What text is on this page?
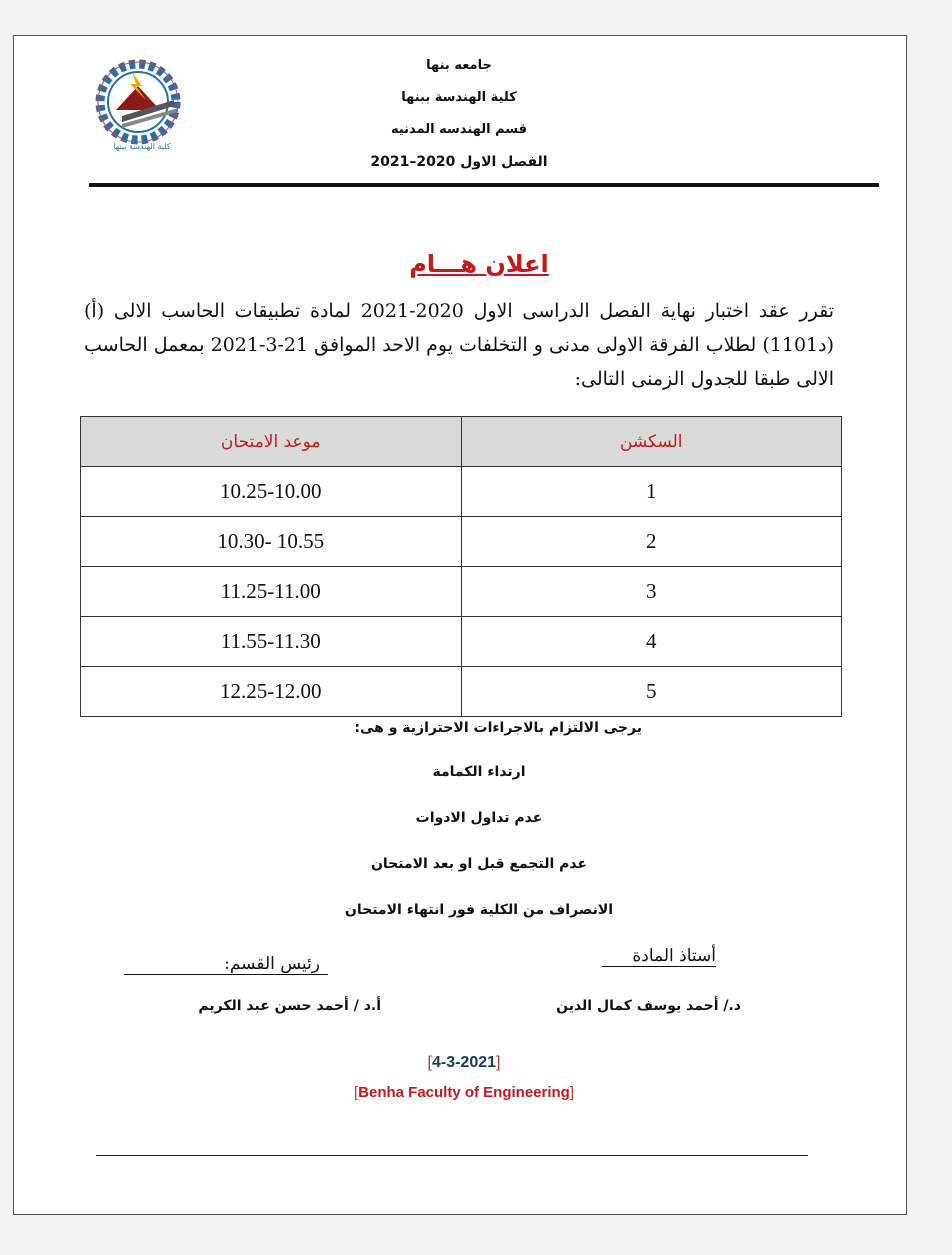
كلية الهندسة ببنها
جامعه بنها
كلية الهندسة ببنها
قسم الهندسه المدنيه
الفصل الاول 2020–2021
اعلان هـــام
تقرر عقد اختبار نهاية الفصل الدراسى الاول 2020-2021 لمادة تطبيقات الحاسب الالى (أ) (د1101) لطلاب الفرقة الاولى مدنى و التخلفات يوم الاحد الموافق 21-3-2021 بمعمل الحاسب الالى طبقا للجدول الزمنى التالى:
السكشن	موعد الامتحان
1	10.25-10.00
2	10.55 -10.30
3	11.25-11.00
4	11.55-11.30
5	12.25-12.00
يرجى الالتزام بالاجراءات الاحترازية و هى:
ارتداء الكمامة
عدم تداول الادوات
عدم التجمع قبل او بعد الامتحان
الانصراف من الكلية فور انتهاء الامتحان
أستاذ المادة
د./ أحمد يوسف كمال الدين
رئيس القسم:
أ.د / أحمد حسن عبد الكريم
[4-3-2021]
[Benha Faculty of Engineering]
